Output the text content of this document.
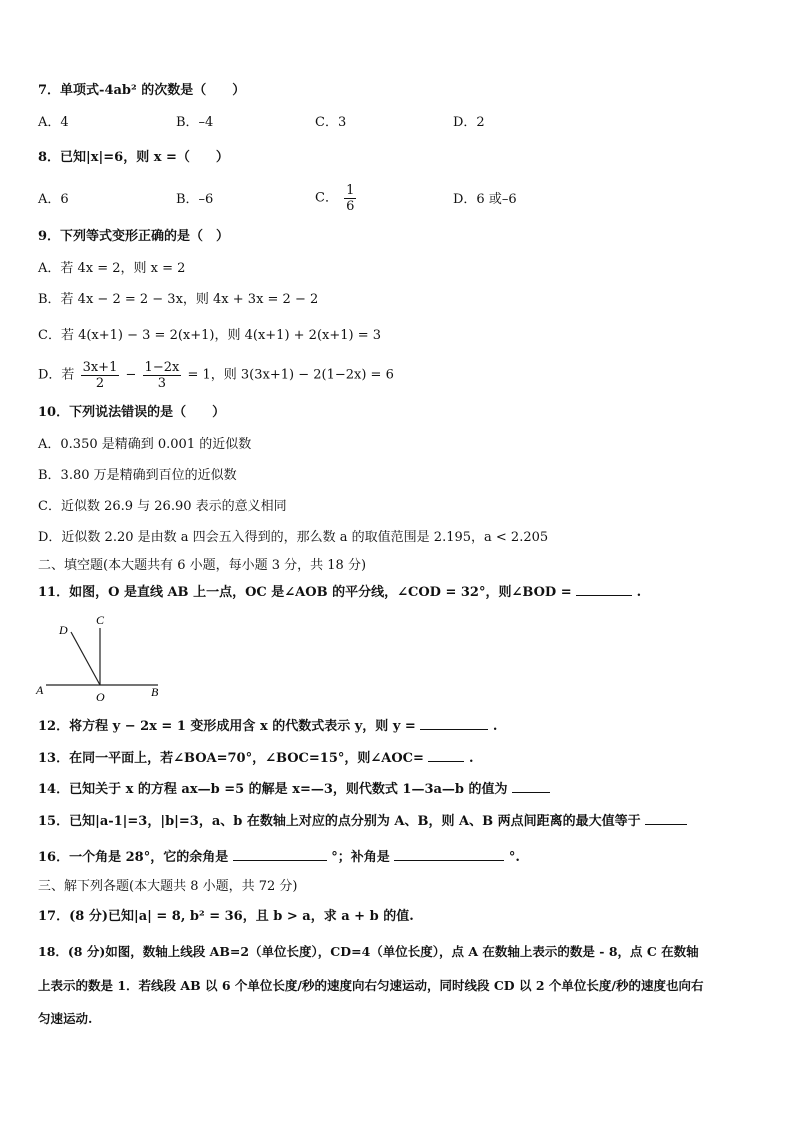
7．单项式-4ab² 的次数是（　　）
A．4	B．–4	C．3	D．2
8．已知|x|=6，则 x =（　　）
A．6	B．–6	C． $\frac{1}{6}$	D．6 或–6
9．下列等式变形正确的是（　）
A．若 4x = 2，则 x = 2
B．若 4x − 2 = 2 − 3x，则 4x + 3x = 2 − 2
C．若 4(x+1) − 3 = 2(x+1)，则 4(x+1) + 2(x+1) = 3
D．若 $\frac{3x+1}{2} - \frac{1-2x}{3} = 1$，则 3(3x+1) − 2(1−2x) = 6
10．下列说法错误的是（　　）
A．0.350 是精确到 0.001 的近似数
B．3.80 万是精确到百位的近似数
C．近似数 26.9 与 26.90 表示的意义相同
D．近似数 2.20 是由数 a 四会五入得到的，那么数 a 的取值范围是 2.195，a < 2.205
二、填空题(本大题共有 6 小题，每小题 3 分，共 18 分)
11．如图，O 是直线 AB 上一点，OC 是∠AOB 的平分线，∠COD = 32°，则∠BOD =	.
A	B
C
D
O
12．将方程 y − 2x = 1 变形成用含 x 的代数式表示 y，则 y =	.
13．在同一平面上，若∠BOA=70°，∠BOC=15°，则∠AOC=	.
14．已知关于 x 的方程 ax—b =5 的解是 x=—3，则代数式 1—3a—b 的值为
15．已知|a-1|=3，|b|=3，a、b 在数轴上对应的点分别为 A、B，则 A、B 两点间距离的最大值等于
16．一个角是 28°，它的余角是	°；补角是	°.
三、解下列各题(本大题共 8 小题，共 72 分)
17．(8 分)已知|a| = 8, b² = 36，且 b > a，求 a + b 的值.
18．(8 分)如图，数轴上线段 AB=2（单位长度），CD=4（单位长度），点 A 在数轴上表示的数是 - 8，点 C 在数轴
上表示的数是 1．若线段 AB 以 6 个单位长度/秒的速度向右匀速运动，同时线段 CD 以 2 个单位长度/秒的速度也向右
匀速运动.
